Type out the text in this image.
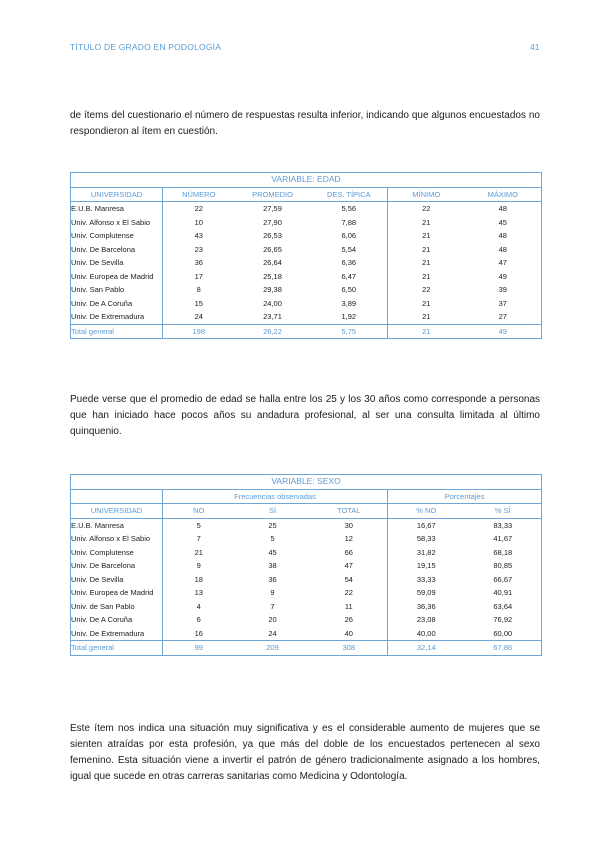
TÍTULO DE GRADO EN PODOLOGÍA	41

de ítems del cuestionario el número de respuestas resulta inferior, indicando que algunos encuestados no respondieron al ítem en cuestión.

VARIABLE: EDAD					
UNIVERSIDAD	NÚMERO	PROMEDIO	DES. TÍPICA	MÍNIMO	MÁXIMO
E.U.B. Manresa	22	27,59	5,56	22	48
Univ. Alfonso x El Sabio	10	27,90	7,88	21	45
Univ. Complutense	43	26,53	6,06	21	48
Univ. De Barcelona	23	26,65	5,54	21	48
Univ. De Sevilla	36	26,64	6,36	21	47
Univ. Europea de Madrid	17	25,18	6,47	21	49
Univ. San Pablo	8	29,38	6,50	22	39
Univ. De A Coruña	15	24,00	3,89	21	37
Univ. De Extremadura	24	23,71	1,92	21	27
Total general	198	26,22	5,75	21	49

Puede verse que el promedio de edad se halla entre los 25 y los 30 años como corresponde a personas que han iniciado hace pocos años su andadura profesional, al ser una consulta limitada al último quinquenio.

VARIABLE: SEXO					
	Frecuencias observadas			Porcentajes	
UNIVERSIDAD	NO	SÍ	TOTAL	% NO	% SÍ
E.U.B. Manresa	5	25	30	16,67	83,33
Univ. Alfonso x El Sabio	7	5	12	58,33	41,67
Univ. Complutense	21	45	66	31,82	68,18
Univ. De Barcelona	9	38	47	19,15	80,85
Univ. De Sevilla	18	36	54	33,33	66,67
Univ. Europea de Madrid	13	9	22	59,09	40,91
Univ. de San Pablo	4	7	11	36,36	63,64
Univ. De A Coruña	6	20	26	23,08	76,92
Univ. De Extremadura	16	24	40	40,00	60,00
Total general	99	209	308	32,14	67,86

Este ítem nos indica una situación muy significativa y es el considerable aumento de mujeres que se sienten atraídas por esta profesión, ya que más del doble de los encuestados pertenecen al sexo femenino. Esta situación viene a invertir el patrón de género tradicionalmente asignado a los hombres, igual que sucede en otras carreras sanitarias como Medicina y Odontología.
